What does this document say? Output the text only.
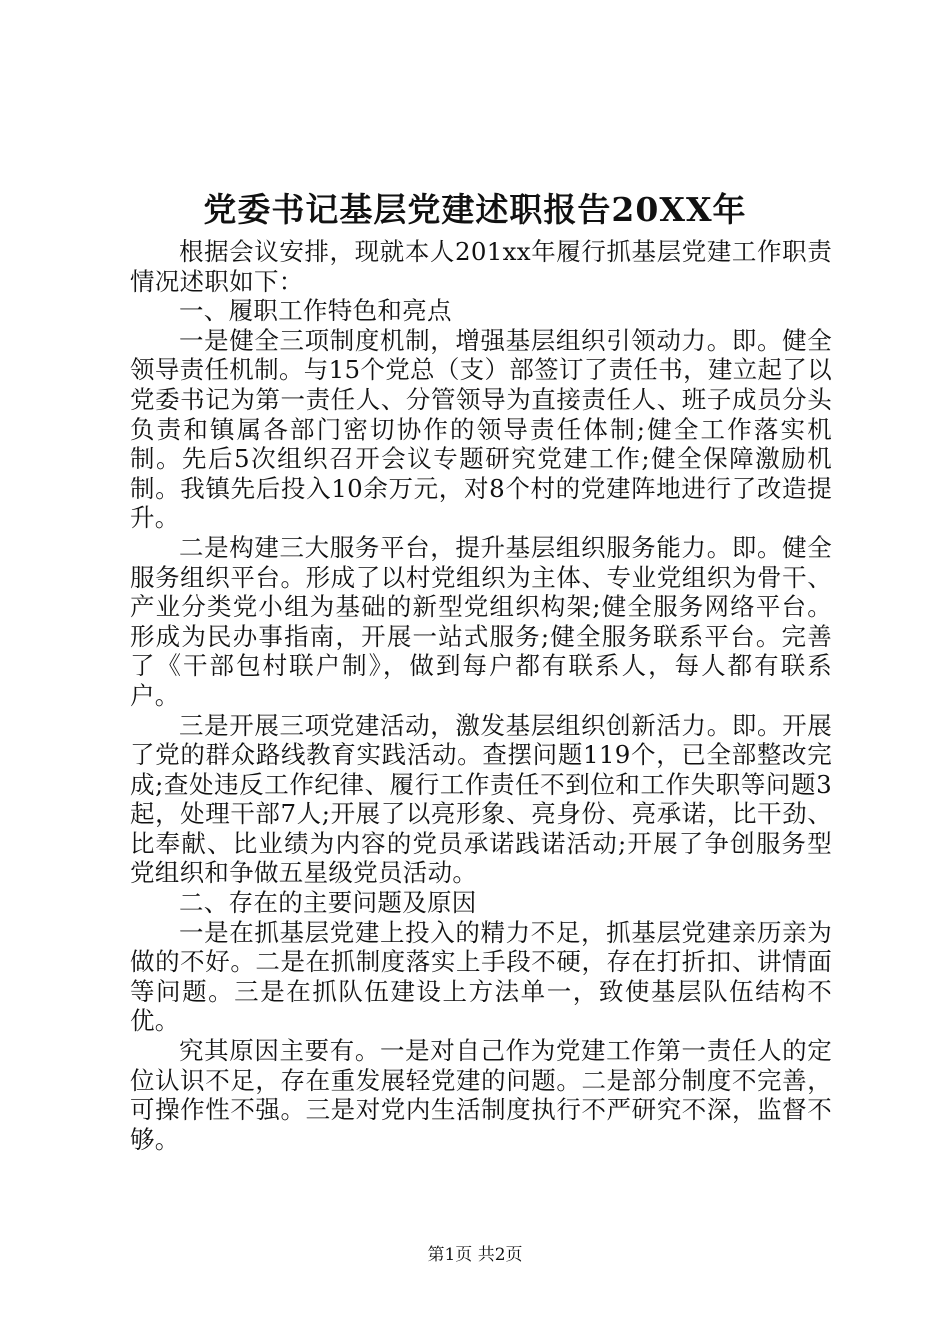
党委书记基层党建述职报告20XX年

根据会议安排，现就本人201xx年履行抓基层党建工作职责情况述职如下：

一、履职工作特色和亮点

一是健全三项制度机制，增强基层组织引领动力。即。健全领导责任机制。与15个党总（支）部签订了责任书，建立起了以党委书记为第一责任人、分管领导为直接责任人、班子成员分头负责和镇属各部门密切协作的领导责任体制;健全工作落实机制。先后5次组织召开会议专题研究党建工作;健全保障激励机制。我镇先后投入10余万元，对8个村的党建阵地进行了改造提升。

二是构建三大服务平台，提升基层组织服务能力。即。健全服务组织平台。形成了以村党组织为主体、专业党组织为骨干、产业分类党小组为基础的新型党组织构架;健全服务网络平台。形成为民办事指南，开展一站式服务;健全服务联系平台。完善了《干部包村联户制》，做到每户都有联系人，每人都有联系户。

三是开展三项党建活动，激发基层组织创新活力。即。开展了党的群众路线教育实践活动。查摆问题119个，已全部整改完成;查处违反工作纪律、履行工作责任不到位和工作失职等问题3起，处理干部7人;开展了以亮形象、亮身份、亮承诺，比干劲、比奉献、比业绩为内容的党员承诺践诺活动;开展了争创服务型党组织和争做五星级党员活动。

二、存在的主要问题及原因

一是在抓基层党建上投入的精力不足，抓基层党建亲历亲为做的不好。二是在抓制度落实上手段不硬，存在打折扣、讲情面等问题。三是在抓队伍建设上方法单一，致使基层队伍结构不优。

究其原因主要有。一是对自己作为党建工作第一责任人的定位认识不足，存在重发展轻党建的问题。二是部分制度不完善，可操作性不强。三是对党内生活制度执行不严研究不深，监督不够。

第1页 共2页
